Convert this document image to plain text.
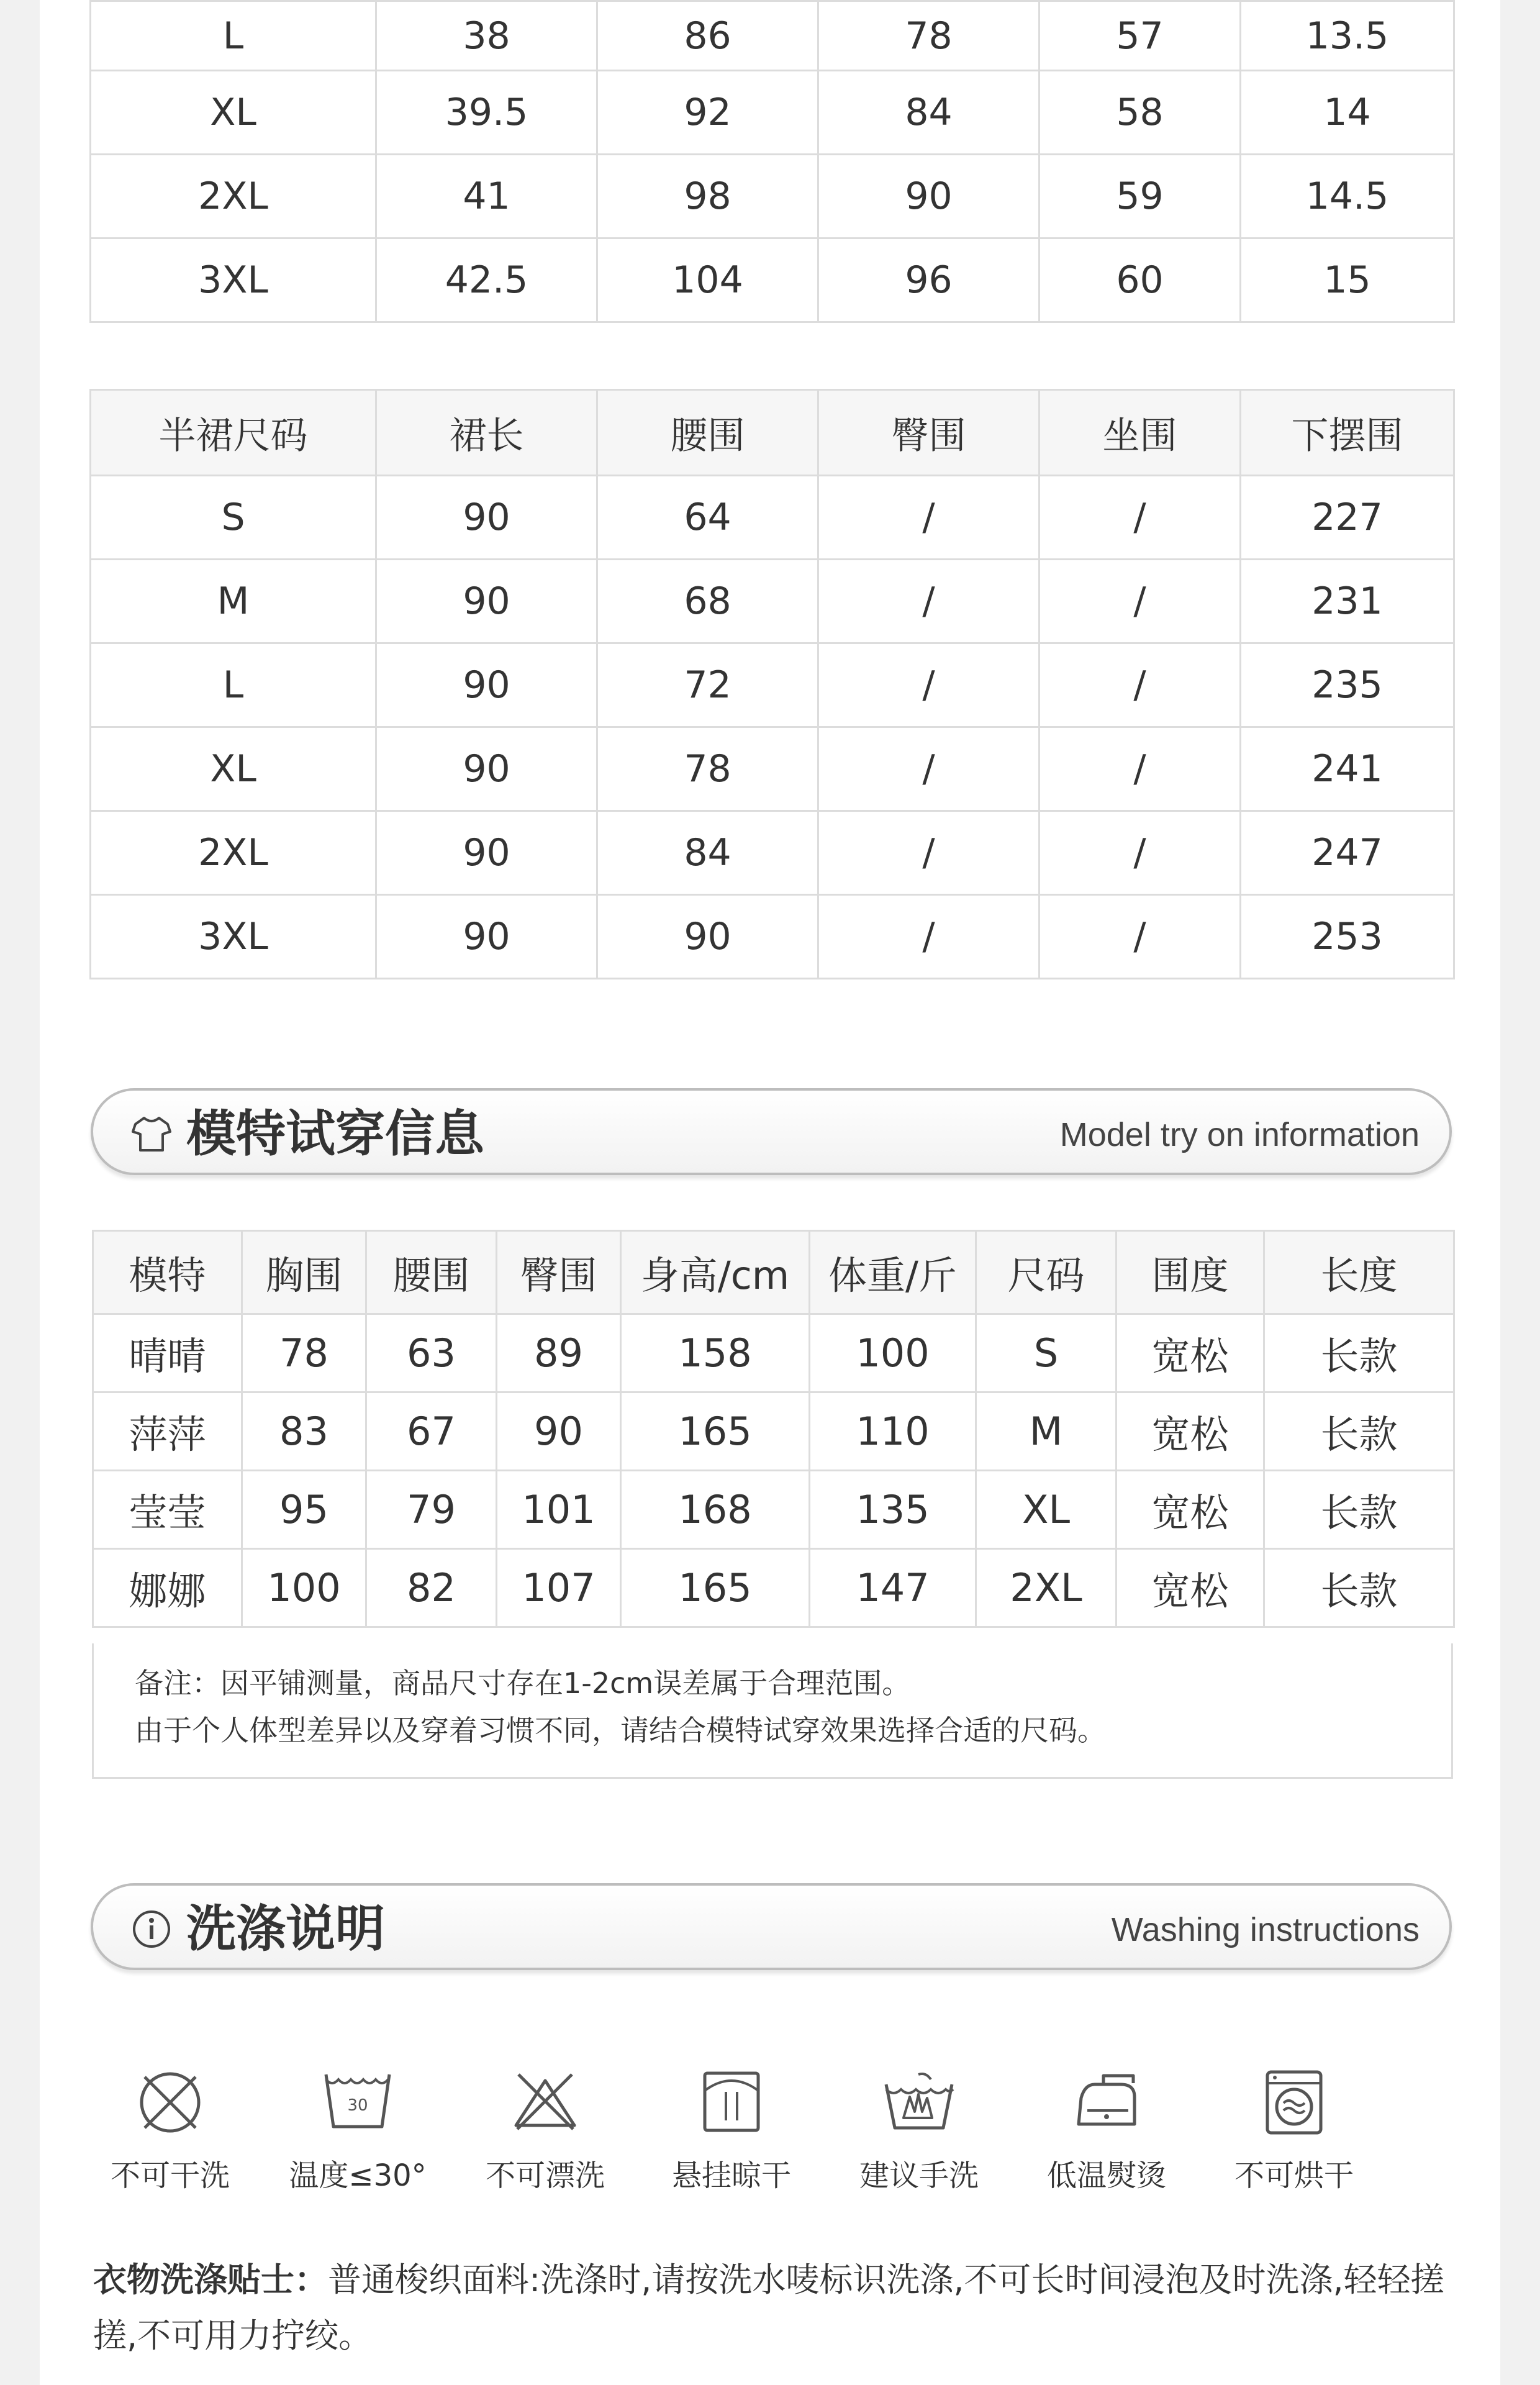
L	38	86	78	57	13.5
XL	39.5	92	84	58	14
2XL	41	98	90	59	14.5
3XL	42.5	104	96	60	15
半裙尺码	裙长	腰围	臀围	坐围	下摆围
S	90	64	/	/	227
M	90	68	/	/	231
L	90	72	/	/	235
XL	90	78	/	/	241
2XL	90	84	/	/	247
3XL	90	90	/	/	253
模特试穿信息	Model try on information
模特	胸围	腰围	臀围	身高/cm	体重/斤	尺码	围度	长度
晴晴	78	63	89	158	100	S	宽松	长款
萍萍	83	67	90	165	110	M	宽松	长款
莹莹	95	79	101	168	135	XL	宽松	长款
娜娜	100	82	107	165	147	2XL	宽松	长款
备注：因平铺测量，商品尺寸存在1-2cm误差属于合理范围。
由于个人体型差异以及穿着习惯不同，请结合模特试穿效果选择合适的尺码。
洗涤说明	Washing instructions
不可干洗
30
温度≤30°	不可漂洗	悬挂晾干	建议手洗	低温熨烫	不可烘干
衣物洗涤贴士：普通梭织面料:洗涤时,请按洗水唛标识洗涤,不可长时间浸泡及时洗涤,轻轻搓搓,不可用力拧绞。
